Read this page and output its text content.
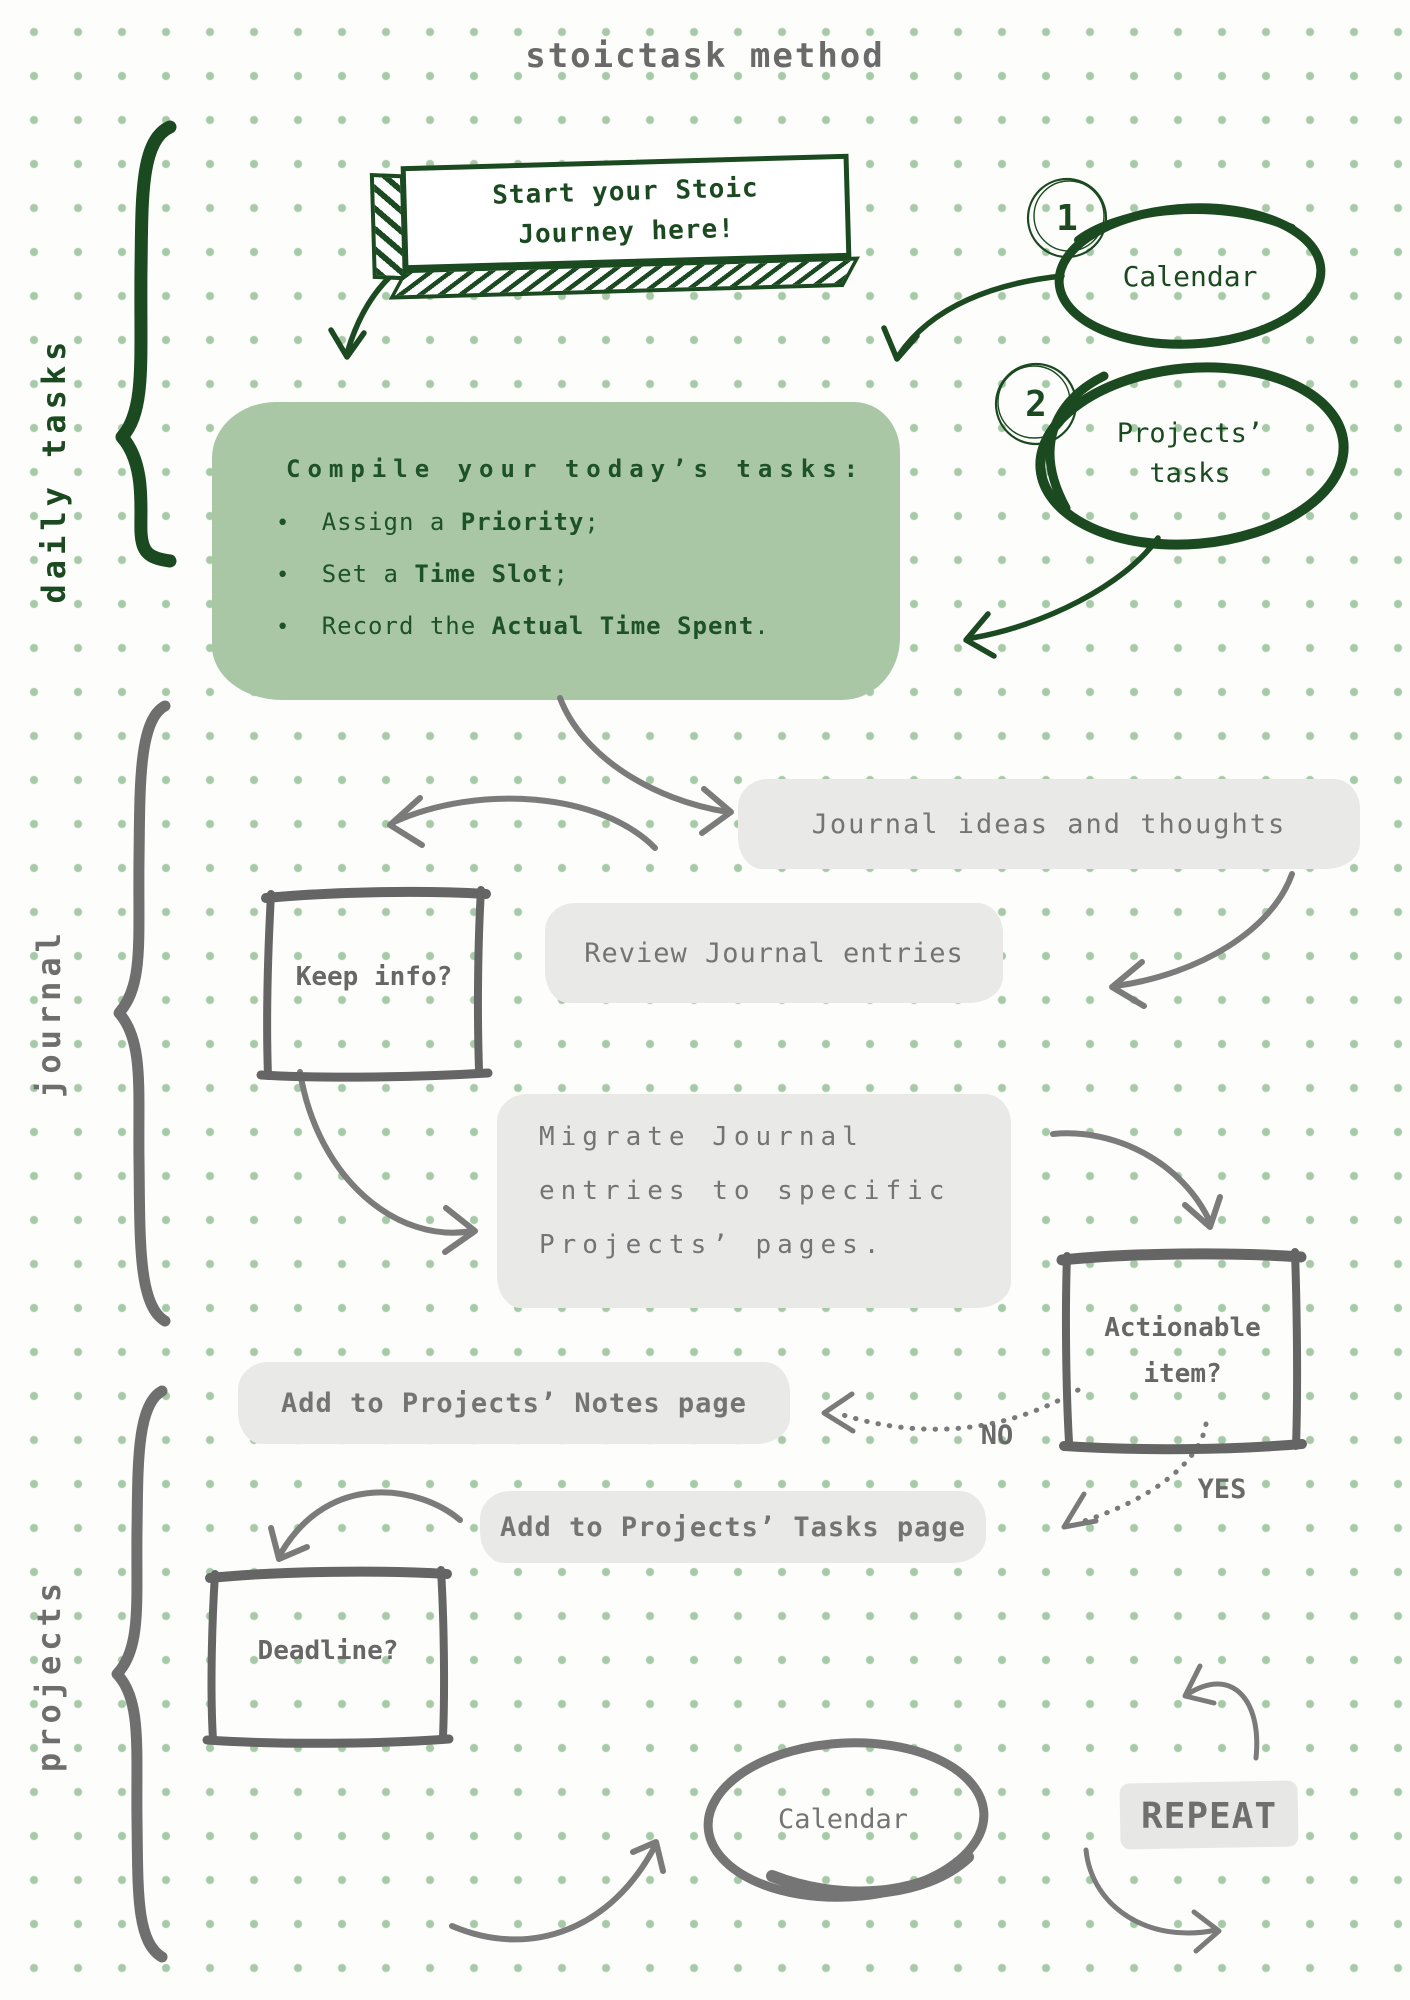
Journal ideas and thoughts
Review Journal entries
Migrate Journal
entries to specific
Projects’ pages.
Add to Projects’ Notes page
Add to Projects’ Tasks page
stoictask method
daily tasks
journal
projects
Start your Stoic
Journey here!	1
Calendar
2
Projects’
tasks
Compile your today’s tasks:
• Assign a Priority;
• Set a Time Slot;
• Record the Actual Time Spent.
Keep info?
Actionable
item?
NO
YES
Deadline?
Calendar	REPEAT
